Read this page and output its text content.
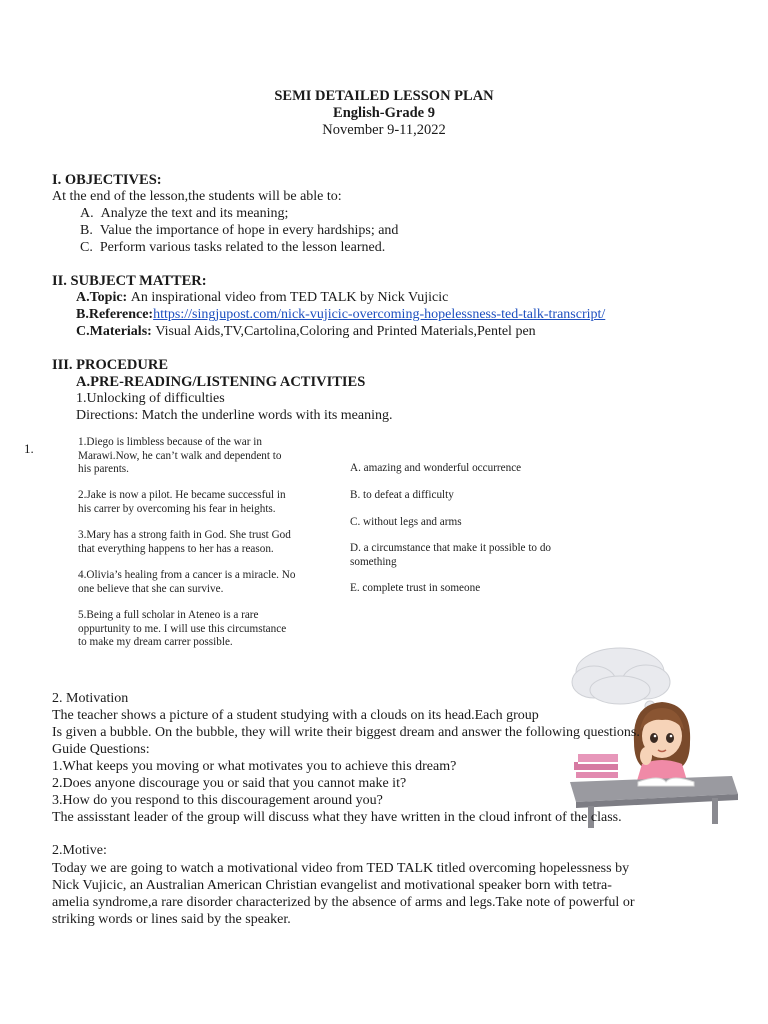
SEMI DETAILED LESSON PLAN
English-Grade 9
November 9-11,2022
I. OBJECTIVES:
At the end of the lesson,the students will be able to:
A. Analyze the text and its meaning;
B. Value the importance of hope in every hardships; and
C. Perform various tasks related to the lesson learned.
II. SUBJECT MATTER:
A.Topic: An inspirational video from TED TALK by Nick Vujicic
B.Reference:https://singjupost.com/nick-vujicic-overcoming-hopelessness-ted-talk-transcript/
C.Materials: Visual Aids,TV,Cartolina,Coloring and Printed Materials,Pentel pen
III. PROCEDURE
A.PRE-READING/LISTENING ACTIVITIES
1.Unlocking of difficulties
Directions: Match the underline words with its meaning.
1.	1.Diego is limbless because of the war in
Marawi.Now, he can’t walk and dependent to
his parents.
2.Jake is now a pilot. He became successful in
his carrer by overcoming his fear in heights.
3.Mary has a strong faith in God. She trust God
that everything happens to her has a reason.
4.Olivia’s healing from a cancer is a miracle. No
one believe that she can survive.
5.Being a full scholar in Ateneo is a rare
oppurtunity to me. I will use this circumstance
to make my dream carrer possible.
A. amazing and wonderful occurrence
B. to defeat a difficulty
C. without legs and arms
D. a circumstance that make it possible to do
something
E. complete trust in someone
2. Motivation
The teacher shows a picture of a student studying with a clouds on its head.Each group
Is given a bubble. On the bubble, they will write their biggest dream and answer the following questions.
Guide Questions:
1.What keeps you moving or what motivates you to achieve this dream?
2.Does anyone discourage you or said that you cannot make it?
3.How do you respond to this discouragement around you?
The assisstant leader of the group will discuss what they have written in the cloud infront of the class.
2.Motive:
Today we are going to watch a motivational video from TED TALK titled overcoming hopelessness by
Nick Vujicic, an Australian American Christian evangelist and motivational speaker born with tetra-
amelia syndrome,a rare disorder characterized by the absence of arms and legs.Take note of powerful or
striking words or lines said by the speaker.
